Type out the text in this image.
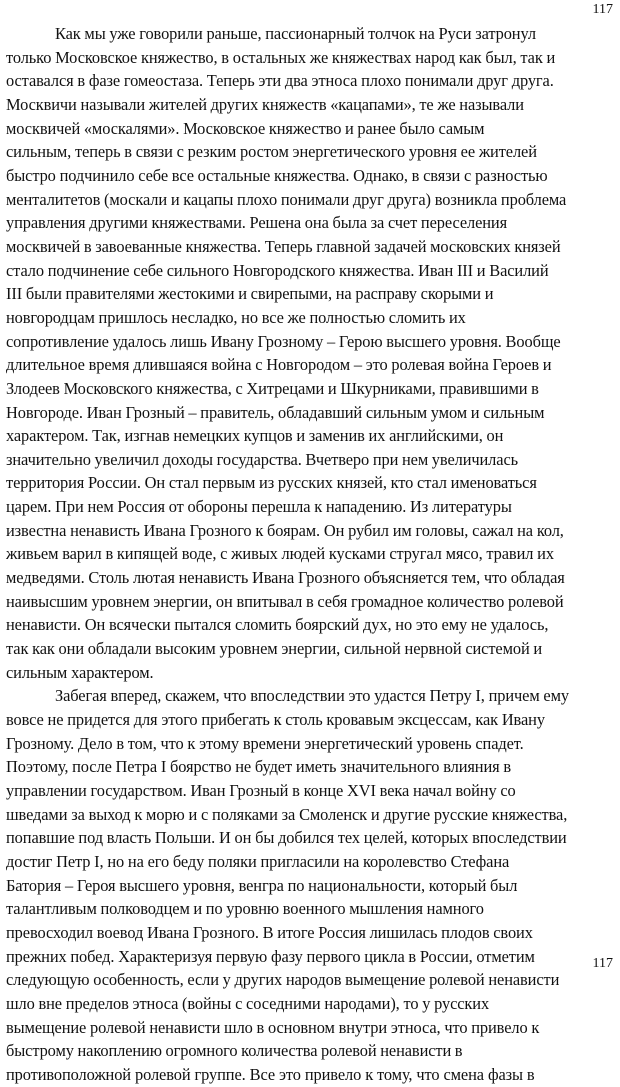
117
Как мы уже говорили раньше, пассионарный толчок на Руси затронул
только Московское княжество, в остальных же княжествах народ как был, так и
оставался в фазе гомеостаза. Теперь эти два этноса плохо понимали друг друга.
Москвичи называли жителей других княжеств «кацапами», те же называли
москвичей «москалями». Московское княжество и ранее было самым
сильным, теперь в связи с резким ростом энергетического уровня ее жителей
быстро подчинило себе все остальные княжества. Однако, в связи с разностью
менталитетов (москали и кацапы плохо понимали друг друга) возникла проблема
управления другими княжествами. Решена она была за счет переселения
москвичей в завоеванные княжества. Теперь главной задачей московских князей
стало подчинение себе сильного Новгородского княжества. Иван III и Василий
III были правителями жестокими и свирепыми, на расправу скорыми и
новгородцам пришлось несладко, но все же полностью сломить их
сопротивление удалось лишь Ивану Грозному – Герою высшего уровня. Вообще
длительное время длившаяся война с Новгородом – это ролевая война Героев и
Злодеев Московского княжества, с Хитрецами и Шкурниками, правившими в
Новгороде. Иван Грозный – правитель, обладавший сильным умом и сильным
характером. Так, изгнав немецких купцов и заменив их английскими, он
значительно увеличил доходы государства. Вчетверо при нем увеличилась
территория России. Он стал первым из русских князей, кто стал именоваться
царем. При нем Россия от обороны перешла к нападению. Из литературы
известна ненависть Ивана Грозного к боярам. Он рубил им головы, сажал на кол,
живьем варил в кипящей воде, с живых людей кусками стругал мясо, травил их
медведями. Столь лютая ненависть Ивана Грозного объясняется тем, что обладая
наивысшим уровнем энергии, он впитывал в себя громадное количество ролевой
ненависти. Он всячески пытался сломить боярский дух, но это ему не удалось,
так как они обладали высоким уровнем энергии, сильной нервной системой и
сильным характером.
Забегая вперед, скажем, что впоследствии это удастся Петру I, причем ему
вовсе не придется для этого прибегать к столь кровавым эксцессам, как Ивану
Грозному. Дело в том, что к этому времени энергетический уровень спадет.
Поэтому, после Петра I боярство не будет иметь значительного влияния в
управлении государством. Иван Грозный в конце XVI века начал войну со
шведами за выход к морю и с поляками за Смоленск и другие русские княжества,
попавшие под власть Польши. И он бы добился тех целей, которых впоследствии
достиг Петр I, но на его беду поляки пригласили на королевство Стефана
Батория – Героя высшего уровня, венгра по национальности, который был
талантливым полководцем и по уровню военного мышления намного
превосходил воевод Ивана Грозного. В итоге Россия лишилась плодов своих
прежних побед. Характеризуя первую фазу первого цикла в России, отметим
следующую особенность, если у других народов вымещение ролевой ненависти
шло вне пределов этноса (войны с соседними народами), то у русских
вымещение ролевой ненависти шло в основном внутри этноса, что привело к
быстрому накоплению огромного количества ролевой ненависти в
противоположной ролевой группе. Все это привело к тому, что смена фазы в
117
